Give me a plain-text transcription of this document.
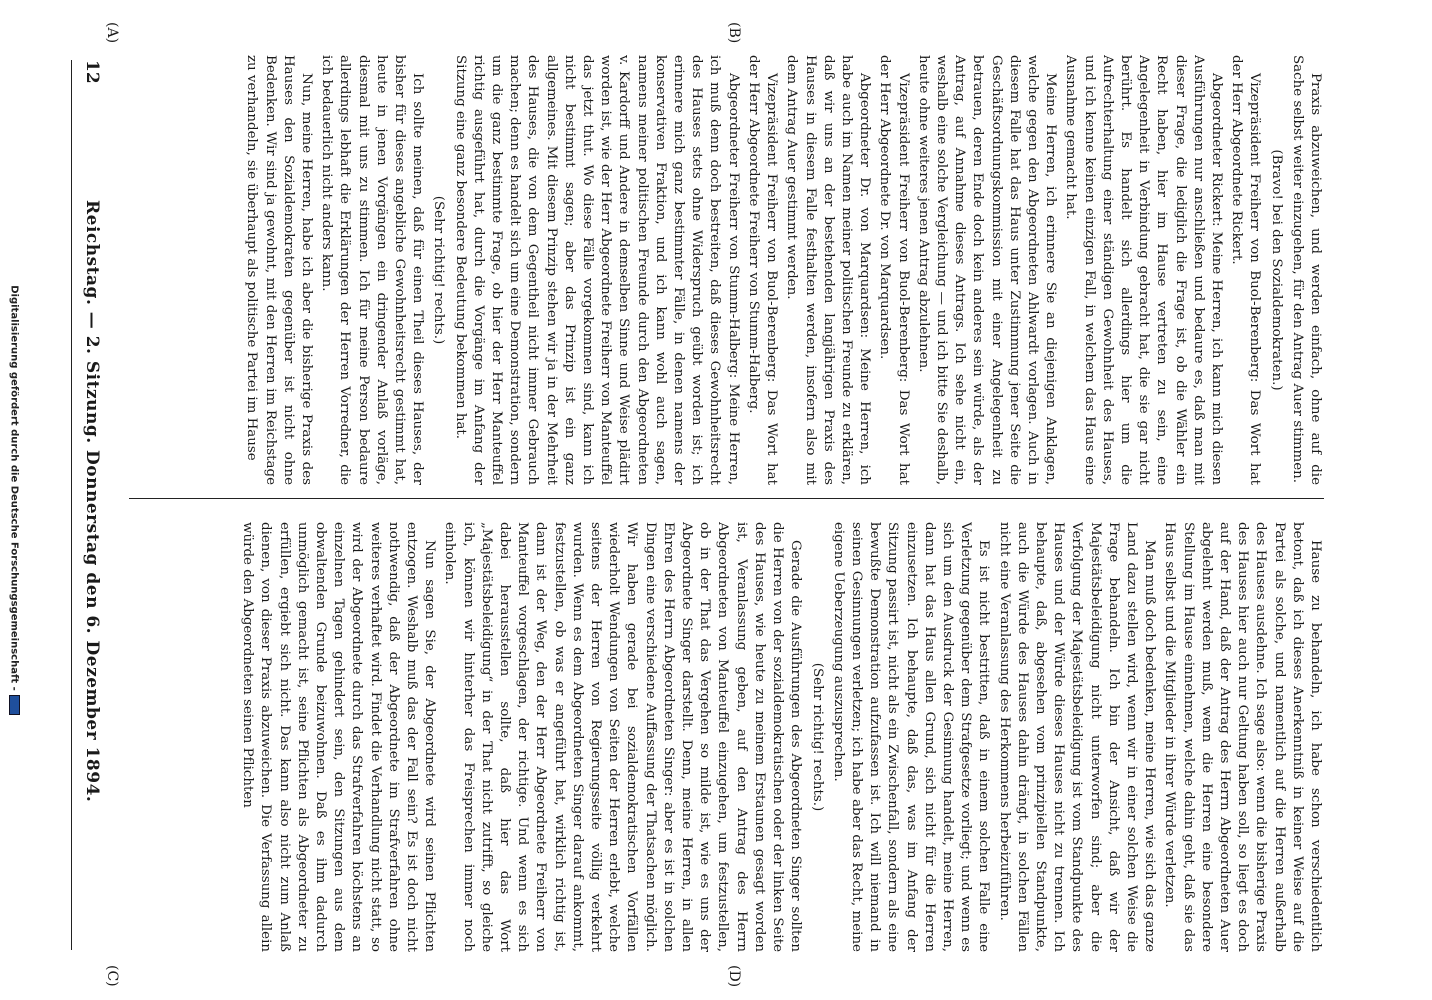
12
Reichstag. — 2. Sitzung. Donnerstag den 6. Dezember 1894.	Praxis abzuweichen, und werden einfach, ohne auf die Sache selbst weiter einzugehen, für den Antrag Auer stimmen.

(Bravo! bei den Sozialdemokraten.)

Vizepräsident Freiherr von Buol-Berenberg: Das Wort hat der Herr Abgeordnete Rickert.

Abgeordneter Rickert: Meine Herren, ich kann mich diesen Ausführungen nur anschließen und bedaure es, daß man mit dieser Frage, die lediglich die Frage ist, ob die Wähler ein Recht haben, hier im Hause vertreten zu sein, eine Angelegenheit in Verbindung gebracht hat, die sie gar nicht berührt. Es handelt sich allerdings hier um die Aufrechterhaltung einer ständigen Gewohnheit des Hauses, und ich kenne keinen einzigen Fall, in welchem das Haus eine Ausnahme gemacht hat.

Meine Herren, ich erinnere Sie an diejenigen Anklagen, welche gegen den Abgeordneten Ahlwardt vorlagen. Auch in diesem Falle hat das Haus unter Zustimmung jener Seite die Geschäftsordnungskommission mit einer Angelegenheit zu betrauen, deren Ende doch kein anderes sein würde, als der Antrag, auf Annahme dieses Antrags. Ich sehe nicht ein, weshalb eine solche Vergleichung — und ich bitte Sie deshalb, heute ohne weiteres jenen Antrag abzulehnen.

Vizepräsident Freiherr von Buol-Berenberg: Das Wort hat der Herr Abgeordnete Dr. von Marquardsen.

Abgeordneter Dr. von Marquardsen: Meine Herren, ich habe auch im Namen meiner politischen Freunde zu erklären, daß wir uns an der bestehenden langjährigen Praxis des Hauses in diesem Falle festhalten werden, insofern also mit dem Antrag Auer gestimmt werden.

Vizepräsident Freiherr von Buol-Berenberg: Das Wort hat der Herr Abgeordnete Freiherr von Stumm-Halberg.

Abgeordneter Freiherr von Stumm-Halberg: Meine Herren, ich muß denn doch bestreiten, daß dieses Gewohnheitsrecht des Hauses stets ohne Widerspruch geübt worden ist; ich erinnere mich ganz bestimmter Fälle, in denen namens der konservativen Fraktion, und ich kann wohl auch sagen, namens meiner politischen Freunde durch den Abgeordneten v. Kardorff und Andere in demselben Sinne und Weise plädirt worden ist, wie der Herr Abgeordnete Freiherr von Manteuffel das jetzt thut. Wo diese Fälle vorgekommen sind, kann ich nicht bestimmt sagen; aber das Prinzip ist ein ganz allgemeines. Mit diesem Prinzip stehen wir ja in der Mehrheit des Hauses, die von dem Gegentheil nicht immer Gebrauch machen; denn es handelt sich um eine Demonstration, sondern um die ganz bestimmte Frage, ob hier der Herr Manteuffel richtig ausgeführt hat, durch die Vorgänge im Anfang der Sitzung eine ganz besondere Bedeutung bekommen hat.

(Sehr richtig! rechts.)

Ich sollte meinen, daß für einen Theil dieses Hauses, der bisher für dieses angebliche Gewohnheitsrecht gestimmt hat, heute in jenen Vorgängen ein dringender Anlaß vorläge, diesmal mit uns zu stimmen. Ich für meine Person bedaure allerdings lebhaft die Erklärungen der Herren Vorredner, die ich bedauerlich nicht anders kann.

Nun, meine Herren, habe ich aber die bisherige Praxis des Hauses den Sozialdemokraten gegenüber ist nicht ohne Bedenken. Wir sind ja gewohnt, mit den Herren im Reichstage zu verhandeln, sie überhaupt als politische Partei im Hause

Hause zu behandeln, ich habe schon verschiedentlich betont, daß ich dieses Anerkenntniß in keiner Weise auf die Partei als solche, und namentlich auf die Herren außerhalb des Hauses ausdehne. Ich sage also: wenn die bisherige Praxis des Hauses hier auch nur Geltung haben soll, so liegt es doch auf der Hand, daß der Antrag des Herrn Abgeordneten Auer abgelehnt werden muß, wenn die Herren eine besondere Stellung im Hause einnehmen, welche dahin geht, daß sie das Haus selbst und die Mitglieder in ihrer Würde verletzen.

Man muß doch bedenken, meine Herren, wie sich das ganze Land dazu stellen wird, wenn wir in einer solchen Weise die Frage behandeln. Ich bin der Ansicht, daß wir der Majestätsbeleidigung nicht unterworfen sind; aber die Verfolgung der Majestätsbeleidigung ist vom Standpunkte des Hauses und der Würde dieses Hauses nicht zu trennen. Ich behaupte, daß, abgesehen vom prinzipiellen Standpunkte, auch die Würde des Hauses dahin drängt, in solchen Fällen nicht eine Veranlassung des Herkommens herbeizuführen.

Es ist nicht bestritten, daß in einem solchen Falle eine Verletzung gegenüber dem Strafgesetze vorliegt; und wenn es sich um den Ausdruck der Gesinnung handelt, meine Herren, dann hat das Haus allen Grund, sich nicht für die Herren einzusetzen. Ich behaupte, daß das, was im Anfang der Sitzung passirt ist, nicht als ein Zwischenfall, sondern als eine bewußte Demonstration aufzufassen ist. Ich will niemand in seinen Gesinnungen verletzen; ich habe aber das Recht, meine eigene Ueberzeugung auszusprechen.

(Sehr richtig! rechts.)

Gerade die Ausführungen des Abgeordneten Singer sollten die Herren von der sozialdemokratischen oder der linken Seite des Hauses, wie heute zu meinem Erstaunen gesagt worden ist, Veranlassung geben, auf den Antrag des Herrn Abgeordneten von Manteuffel einzugehen, um festzustellen, ob in der That das Vergehen so milde ist, wie es uns der Abgeordnete Singer darstellt. Denn, meine Herren, in allen Ehren des Herrn Abgeordneten Singer: aber es ist in solchen Dingen eine verschiedene Auffassung der Thatsachen möglich. Wir haben gerade bei sozialdemokratischen Vorfällen wiederholt Wendungen von Seiten der Herren erlebt, welche seitens der Herren von Regierungsseite völlig verkehrt wurden. Wenn es dem Abgeordneten Singer darauf ankommt, festzustellen, ob was er angeführt hat, wirklich richtig ist, dann ist der Weg, den der Herr Abgeordnete Freiherr von Manteuffel vorgeschlagen, der richtige. Und wenn es sich dabei herausstellen sollte, daß hier das Wort „Majestätsbeleidigung“ in der That nicht zutrifft, so gleiche ich, können wir hinterher das Freisprechen immer noch einholen.

Nun sagen Sie, der Abgeordnete wird seinen Pflichten entzogen. Weshalb muß das der Fall sein? Es ist doch nicht nothwendig, daß der Abgeordnete im Strafverfahren ohne weiteres verhaftet wird. Findet die Verhandlung nicht statt, so wird der Abgeordnete durch das Strafverfahren höchstens an einzelnen Tagen gehindert sein, den Sitzungen aus dem obwaltenden Grunde beizuwohnen. Daß es ihm dadurch unmöglich gemacht ist, seine Pflichten als Abgeordneter zu erfüllen, ergiebt sich nicht. Das kann also nicht zum Anlaß dienen, von dieser Praxis abzuweichen. Die Verfassung allein würde den Abgeordneten seinen Pflichten

(A)	(B)
(C)	(D)
Digitalisierung gefördert durch die Deutsche Forschungsgemeinschaft -
